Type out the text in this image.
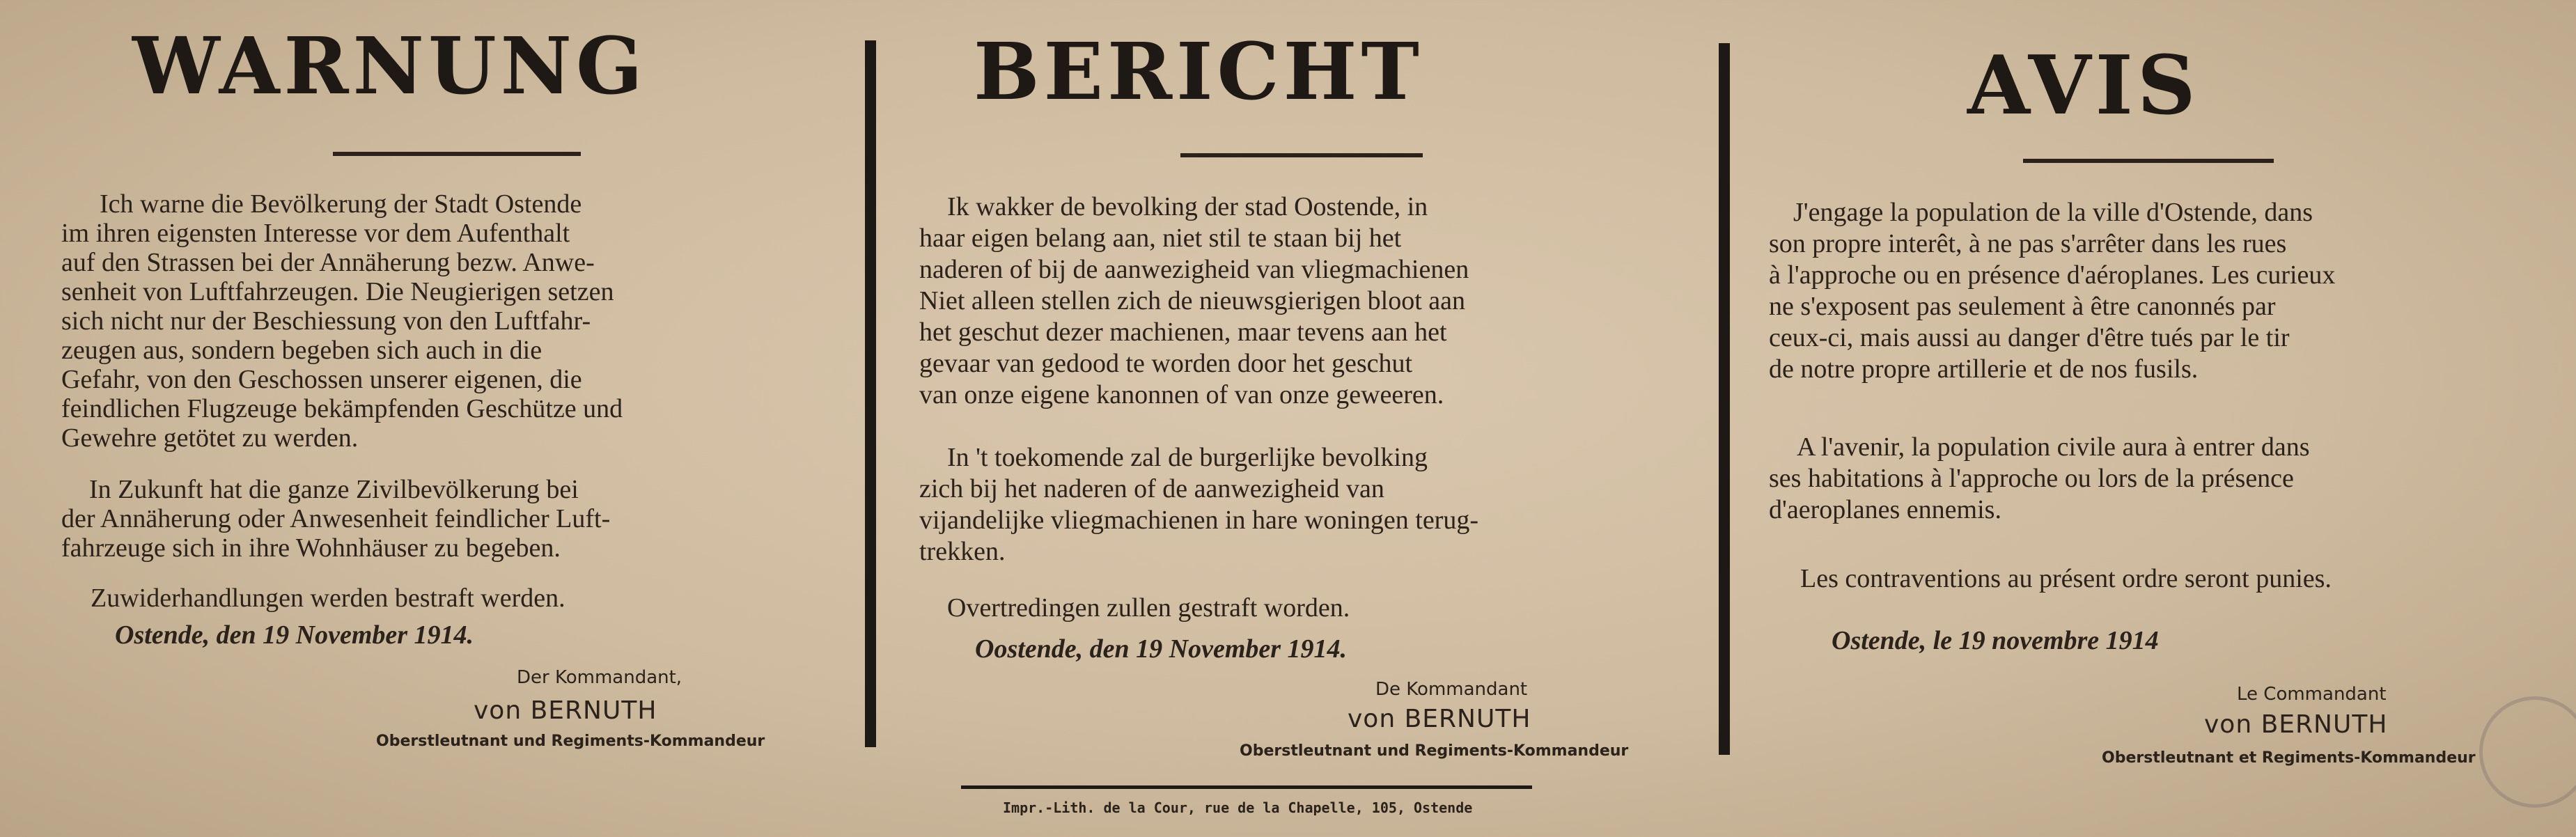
WARNUNG
Ich warne die Bevölkerung der Stadt Ostende
im ihren eigensten Interesse vor dem Aufenthalt
auf den Strassen bei der Annäherung bezw. Anwe-
senheit von Luftfahrzeugen. Die Neugierigen setzen
sich nicht nur der Beschiessung von den Luftfahr-
zeugen aus, sondern begeben sich auch in die
Gefahr, von den Geschossen unserer eigenen, die
feindlichen Flugzeuge bekämpfenden Geschütze und
Gewehre getötet zu werden.
In Zukunft hat die ganze Zivilbevölkerung bei
der Annäherung oder Anwesenheit feindlicher Luft-
fahrzeuge sich in ihre Wohnhäuser zu begeben.
Zuwiderhandlungen werden bestraft werden.
Ostende, den 19 November 1914.
Der Kommandant,
von BERNUTH
Oberstleutnant und Regiments-Kommandeur
BERICHT
Ik wakker de bevolking der stad Oostende, in
haar eigen belang aan, niet stil te staan bij het
naderen of bij de aanwezigheid van vliegmachienen
Niet alleen stellen zich de nieuwsgierigen bloot aan
het geschut dezer machienen, maar tevens aan het
gevaar van gedood te worden door het geschut
van onze eigene kanonnen of van onze geweeren.
In 't toekomende zal de burgerlijke bevolking
zich bij het naderen of de aanwezigheid van
vijandelijke vliegmachienen in hare woningen terug-
trekken.
Overtredingen zullen gestraft worden.
Oostende, den 19 November 1914.
De Kommandant
von BERNUTH
Oberstleutnant und Regiments-Kommandeur
AVIS
J'engage la population de la ville d'Ostende, dans
son propre interêt, à ne pas s'arrêter dans les rues
à l'approche ou en présence d'aéroplanes. Les curieux
ne s'exposent pas seulement à être canonnés par
ceux-ci, mais aussi au danger d'être tués par le tir
de notre propre artillerie et de nos fusils.
A l'avenir, la population civile aura à entrer dans
ses habitations à l'approche ou lors de la présence
d'aeroplanes ennemis.
Les contraventions au présent ordre seront punies.
Ostende, le 19 novembre 1914
Le Commandant
von BERNUTH
Oberstleutnant et Regiments-Kommandeur
Impr.-Lith. de la Cour, rue de la Chapelle, 105, Ostende
